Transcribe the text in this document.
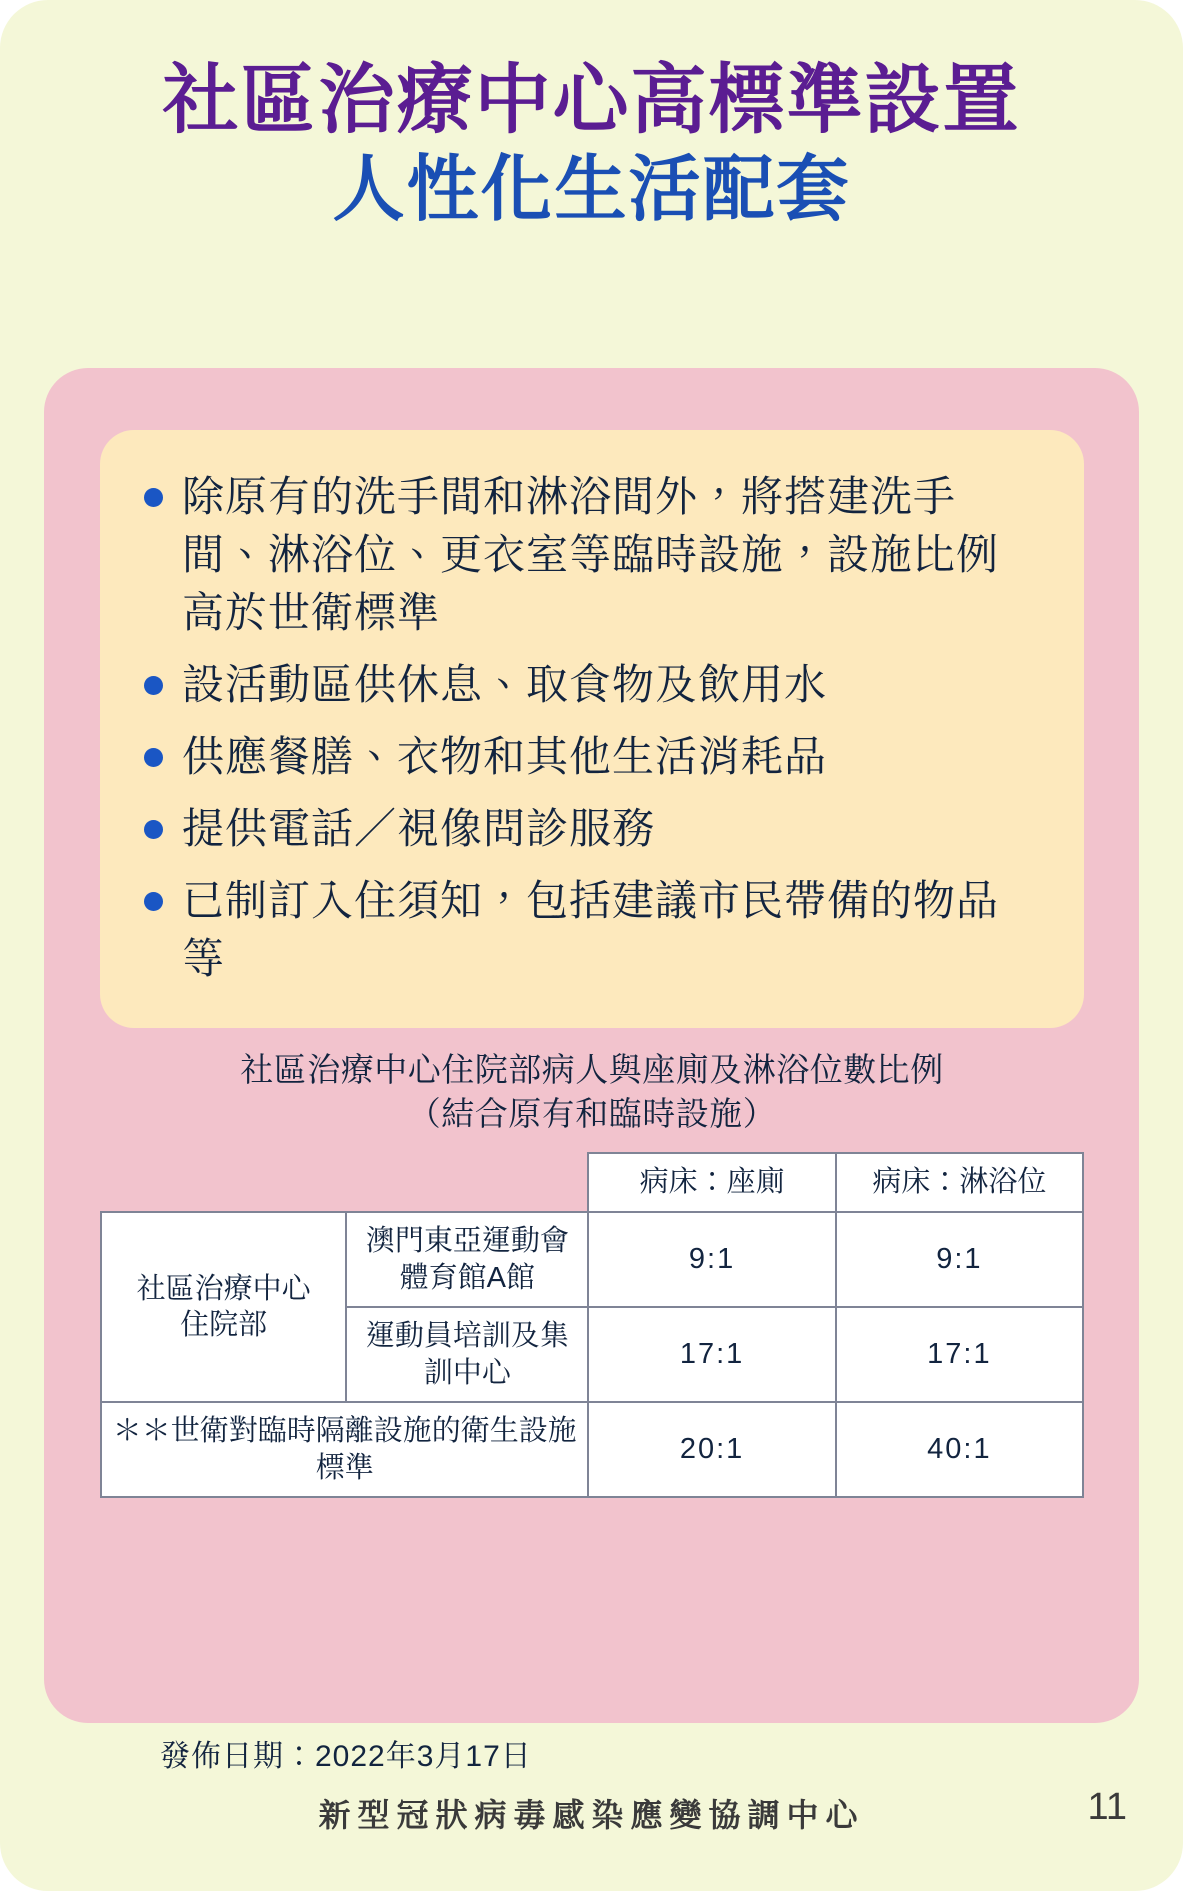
社區治療中心高標準設置
人性化生活配套
除原有的洗手間和淋浴間外，將搭建洗手間、淋浴位、更衣室等臨時設施，設施比例高於世衛標準
設活動區供休息、取食物及飲用水
供應餐膳、衣物和其他生活消耗品
提供電話／視像問診服務
已制訂入住須知，包括建議市民帶備的物品等
社區治療中心住院部病人與座廁及淋浴位數比例
（結合原有和臨時設施）
		病床：座廁	病床：淋浴位

社區治療中心
住院部	澳門東亞運動會體育館A館	9:1	9:1
	運動員培訓及集訓中心	17:1	17:1
＊＊世衛對臨時隔離設施的衛生設施標準		20:1	40:1
發佈日期：2022年3月17日
新型冠狀病毒感染應變協調中心	11
